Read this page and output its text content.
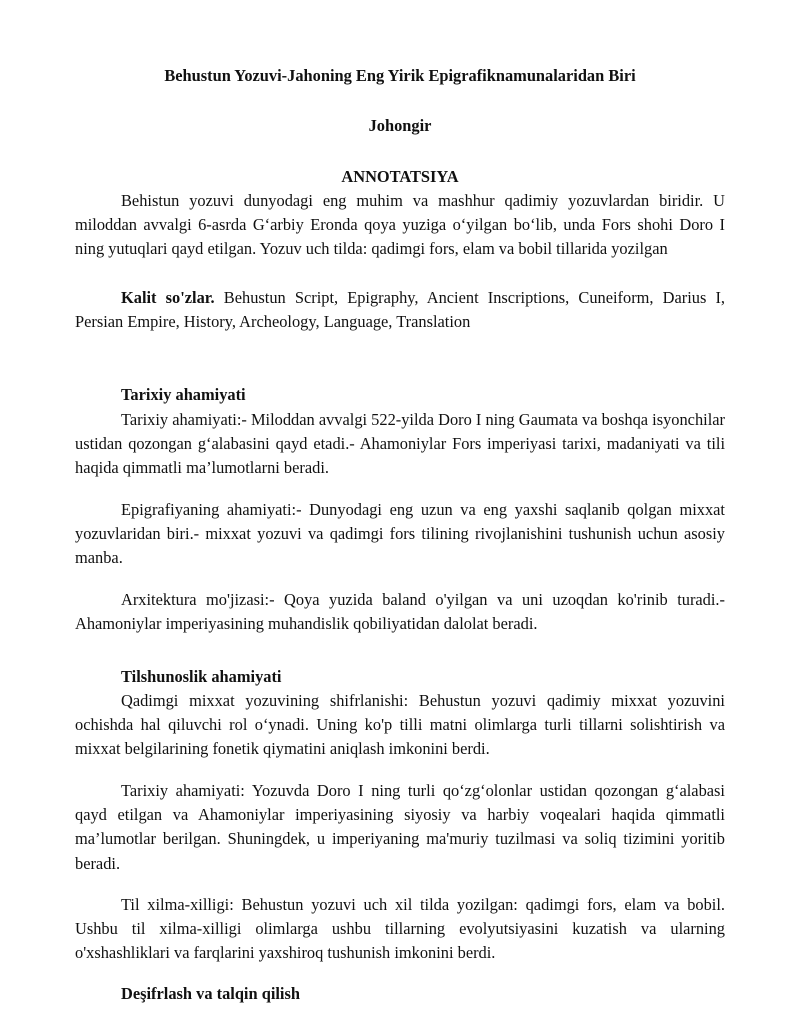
Behustun Yozuvi-Jahoning Eng Yirik Epigrafiknamunalaridan Biri

Johongir

ANNOTATSIYA

Behistun yozuvi dunyodagi eng muhim va mashhur qadimiy yozuvlardan biridir. U miloddan avvalgi 6-asrda G‘arbiy Eronda qoya yuziga o‘yilgan bo‘lib, unda Fors shohi Doro I ning yutuqlari qayd etilgan. Yozuv uch tilda: qadimgi fors, elam va bobil tillarida yozilgan

Kalit so'zlar. Behustun Script, Epigraphy, Ancient Inscriptions, Cuneiform, Darius I, Persian Empire, History, Archeology, Language, Translation

Tarixiy ahamiyati

Tarixiy ahamiyati:- Miloddan avvalgi 522-yilda Doro I ning Gaumata va boshqa isyonchilar ustidan qozongan g‘alabasini qayd etadi.- Ahamoniylar Fors imperiyasi tarixi, madaniyati va tili haqida qimmatli ma’lumotlarni beradi.

Epigrafiyaning ahamiyati:- Dunyodagi eng uzun va eng yaxshi saqlanib qolgan mixxat yozuvlaridan biri.- mixxat yozuvi va qadimgi fors tilining rivojlanishini tushunish uchun asosiy manba.

Arxitektura mo'jizasi:- Qoya yuzida baland o'yilgan va uni uzoqdan ko'rinib turadi.- Ahamoniylar imperiyasining muhandislik qobiliyatidan dalolat beradi.

Tilshunoslik ahamiyati

Qadimgi mixxat yozuvining shifrlanishi: Behustun yozuvi qadimiy mixxat yozuvini ochishda hal qiluvchi rol o‘ynadi. Uning ko'p tilli matni olimlarga turli tillarni solishtirish va mixxat belgilarining fonetik qiymatini aniqlash imkonini berdi.

Tarixiy ahamiyati: Yozuvda Doro I ning turli qo‘zg‘olonlar ustidan qozongan g‘alabasi qayd etilgan va Ahamoniylar imperiyasining siyosiy va harbiy voqealari haqida qimmatli ma’lumotlar berilgan. Shuningdek, u imperiyaning ma'muriy tuzilmasi va soliq tizimini yoritib beradi.

Til xilma-xilligi: Behustun yozuvi uch xil tilda yozilgan: qadimgi fors, elam va bobil. Ushbu til xilma-xilligi olimlarga ushbu tillarning evolyutsiyasini kuzatish va ularning o'xshashliklari va farqlarini yaxshiroq tushunish imkonini berdi.

Deşifrlash va talqin qilish
